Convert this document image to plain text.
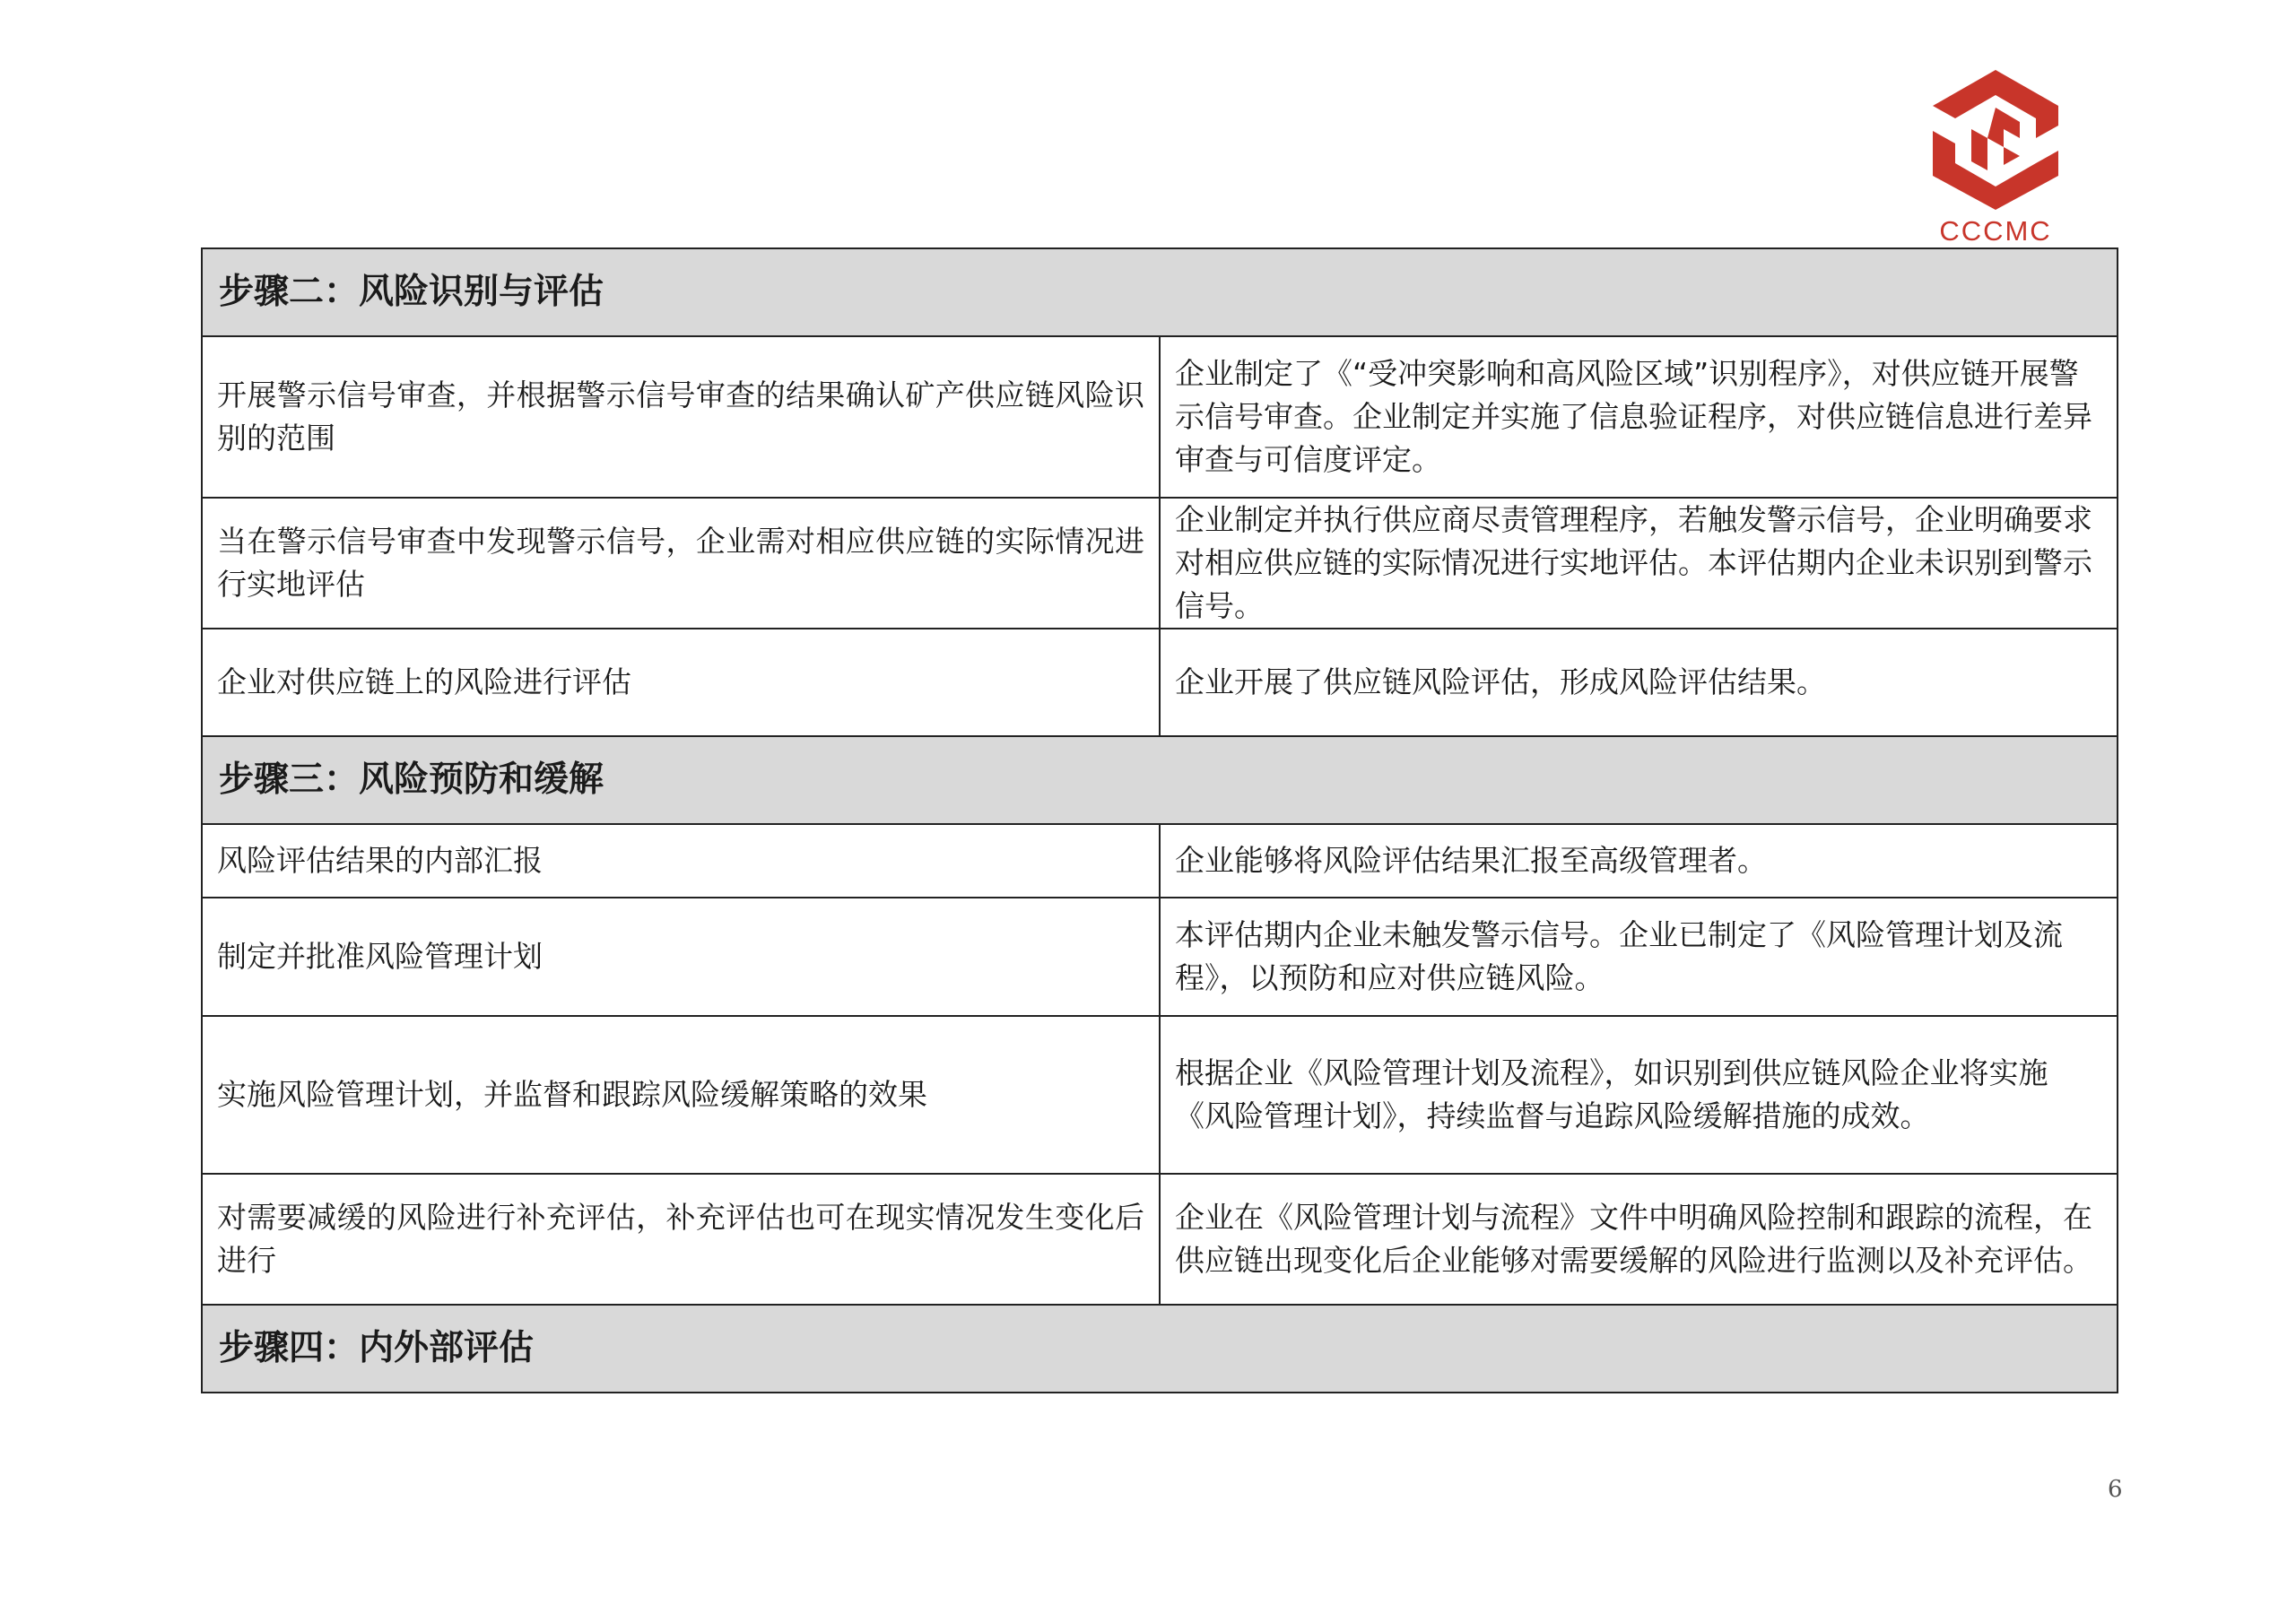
CCCMC
步骤二：风险识别与评估	
开展警示信号审查，并根据警示信号审查的结果确认矿产供应链风险识别的范围	企业制定了《“受冲突影响和高风险区域”识别程序》，对供应链开展警示信号审查。企业制定并实施了信息验证程序，对供应链信息进行差异审查与可信度评定。
当在警示信号审查中发现警示信号，企业需对相应供应链的实际情况进行实地评估	企业制定并执行供应商尽责管理程序，若触发警示信号，企业明确要求对相应供应链的实际情况进行实地评估。本评估期内企业未识别到警示信号。
企业对供应链上的风险进行评估	企业开展了供应链风险评估，形成风险评估结果。
步骤三：风险预防和缓解	
风险评估结果的内部汇报	企业能够将风险评估结果汇报至高级管理者。
制定并批准风险管理计划	本评估期内企业未触发警示信号。企业已制定了《风险管理计划及流程》，以预防和应对供应链风险。
实施风险管理计划，并监督和跟踪风险缓解策略的效果	根据企业《风险管理计划及流程》，如识别到供应链风险企业将实施《风险管理计划》，持续监督与追踪风险缓解措施的成效。
对需要减缓的风险进行补充评估，补充评估也可在现实情况发生变化后进行	企业在《风险管理计划与流程》文件中明确风险控制和跟踪的流程，在供应链出现变化后企业能够对需要缓解的风险进行监测以及补充评估。
步骤四：内外部评估	
6
